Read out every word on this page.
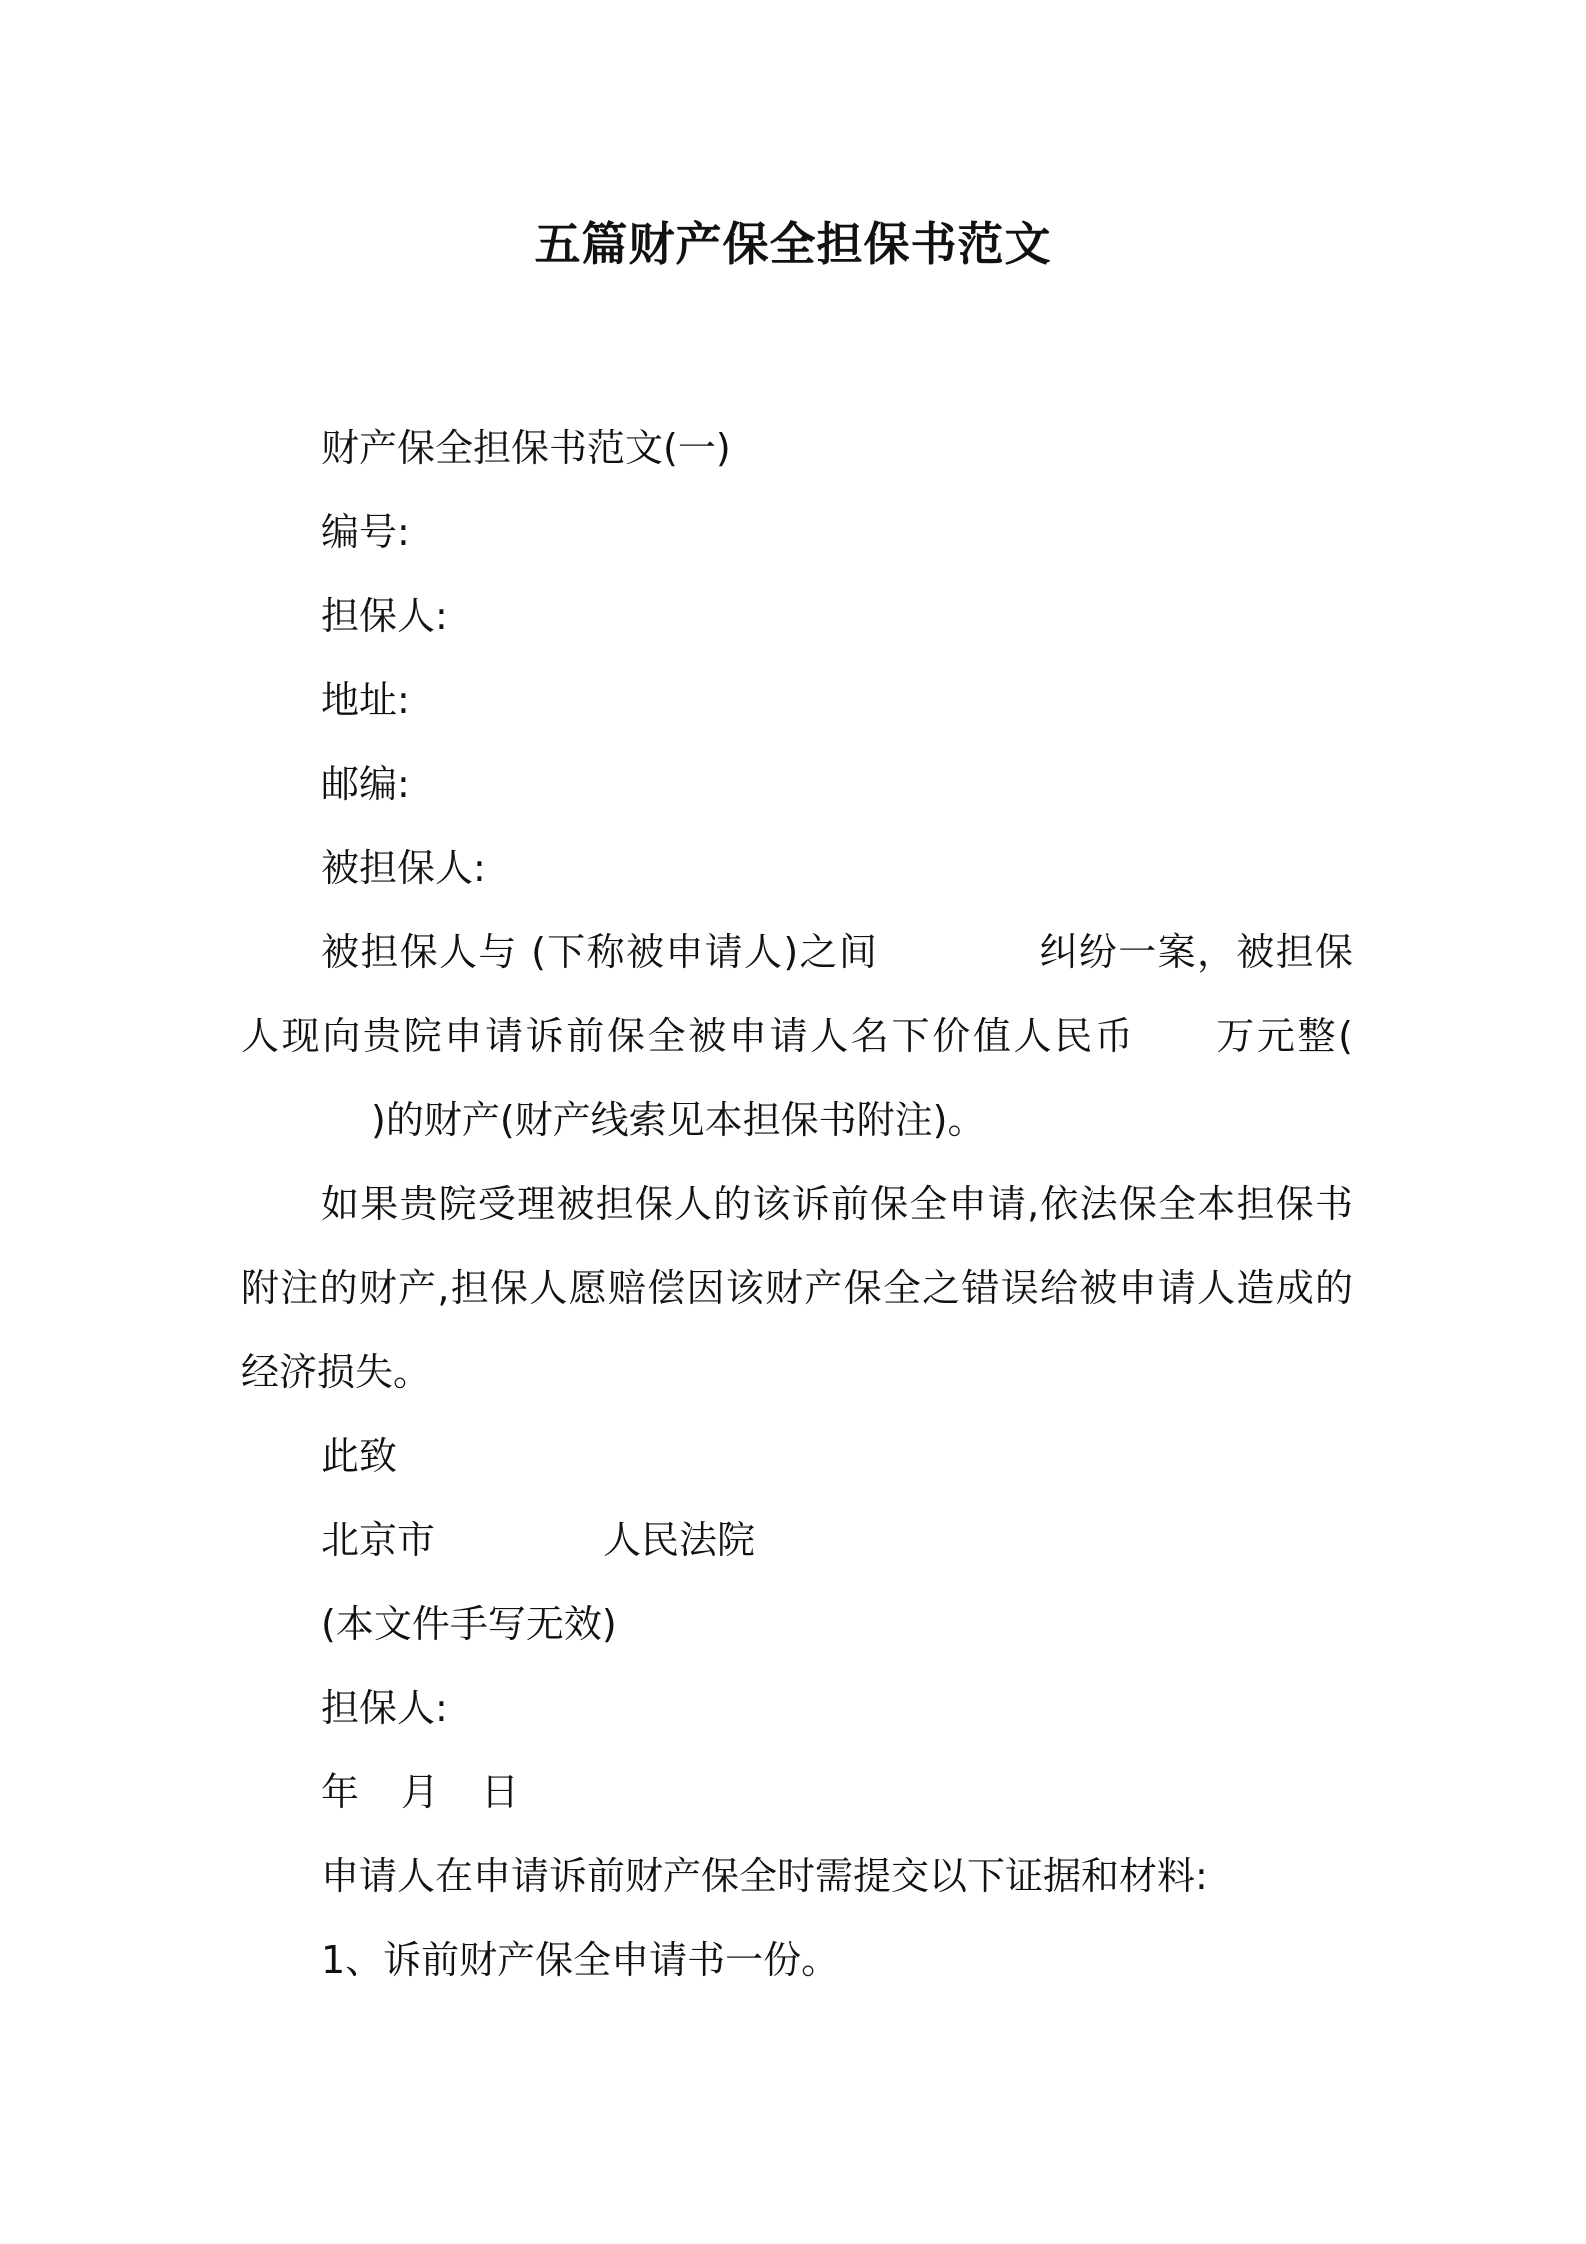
五篇财产保全担保书范文

财产保全担保书范文(一)

编号:

担保人:

地址:

邮编:

被担保人:

被担保人与 (下称被申请人)之间	纠纷一案，被担保人现向贵院申请诉前保全被申请人名下价值人民币 万元整()的财产(财产线索见本担保书附注)。

如果贵院受理被担保人的该诉前保全申请,依法保全本担保书附注的财产,担保人愿赔偿因该财产保全之错误给被申请人造成的经济损失。

此致

北京市	人民法院

(本文件手写无效)

担保人:

年 月 日

申请人在申请诉前财产保全时需提交以下证据和材料:

1、诉前财产保全申请书一份。
